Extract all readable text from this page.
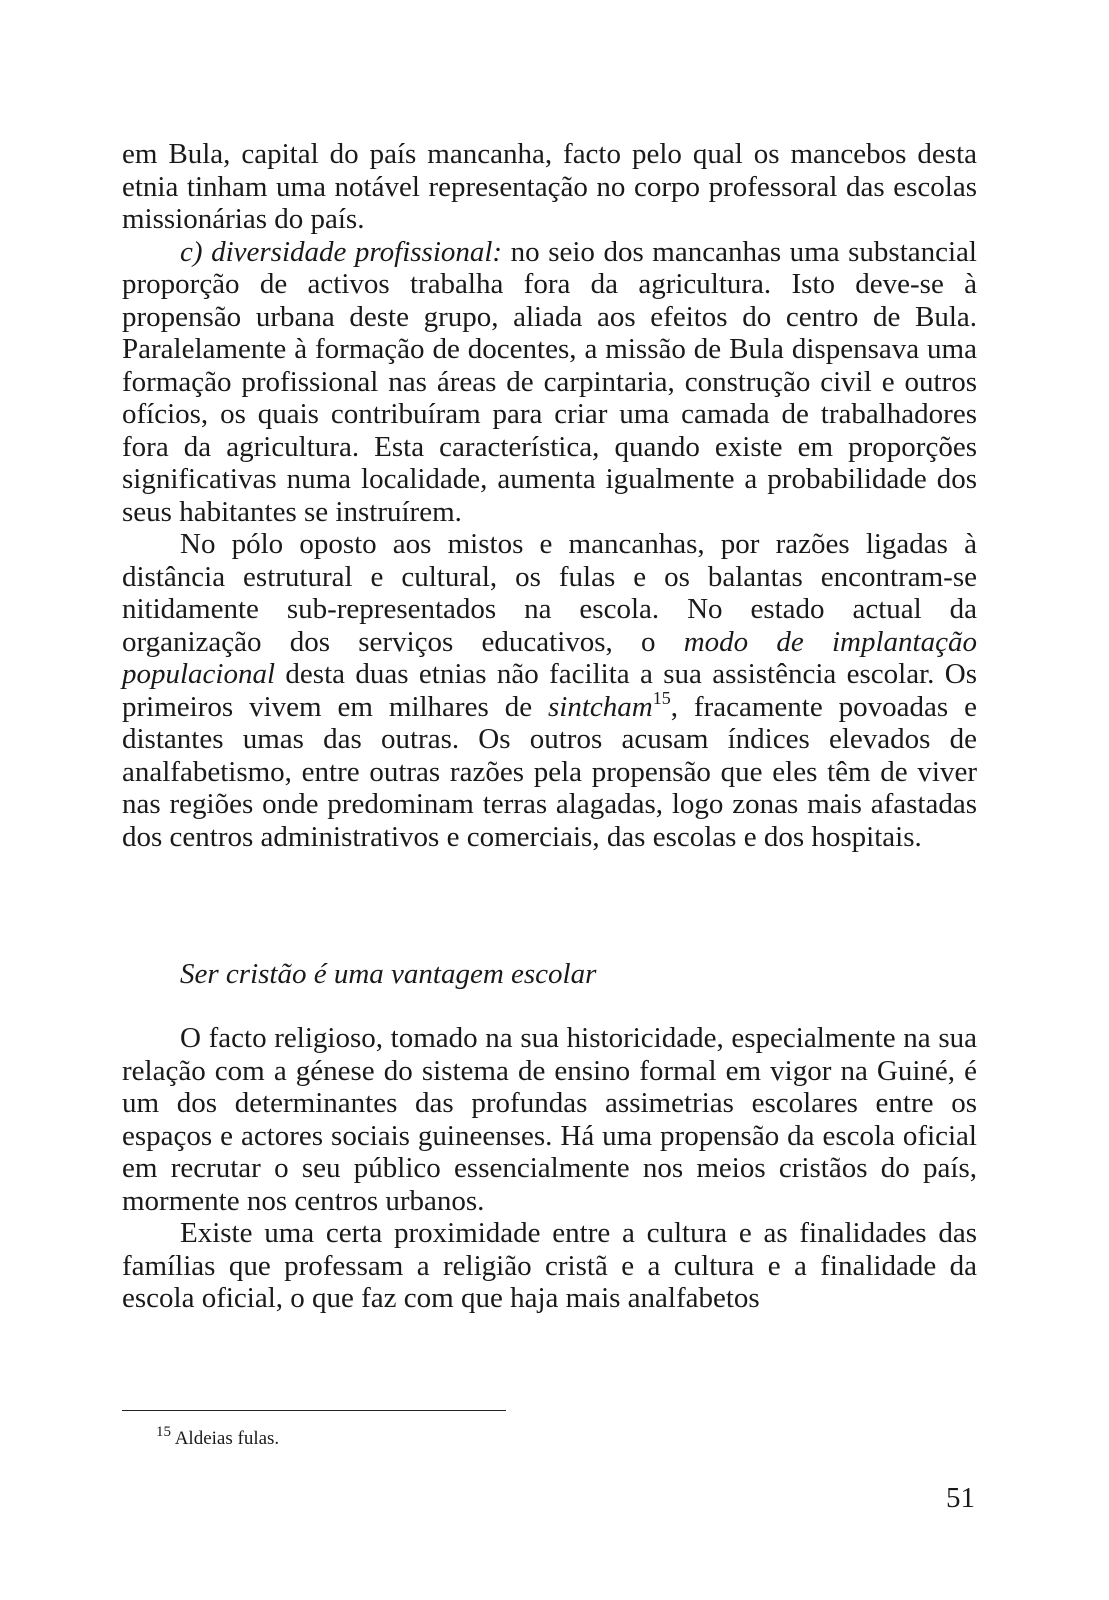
em Bula, capital do país mancanha, facto pelo qual os mancebos desta etnia tinham uma notável representação no corpo professoral das escolas missionárias do país.

c) diversidade profissional: no seio dos mancanhas uma substancial proporção de activos trabalha fora da agricultura. Isto deve-se à propensão urbana deste grupo, aliada aos efeitos do centro de Bula. Paralelamente à formação de docentes, a missão de Bula dispensava uma formação profissional nas áreas de carpintaria, construção civil e outros ofícios, os quais contribuíram para criar uma camada de trabalhadores fora da agricultura. Esta característica, quando existe em proporções significativas numa localidade, aumenta igualmente a probabilidade dos seus habitantes se instruírem.

No pólo oposto aos mistos e mancanhas, por razões ligadas à distância estrutural e cultural, os fulas e os balantas encontram-se nitidamente sub-representados na escola. No estado actual da organização dos serviços educativos, o modo de implantação populacional desta duas etnias não facilita a sua assistência escolar. Os primeiros vivem em milhares de sintcham$^{15}$, fracamente povoadas e distantes umas das outras. Os outros acusam índices elevados de analfabetismo, entre outras razões pela propensão que eles têm de viver nas regiões onde predominam terras alagadas, logo zonas mais afastadas dos centros administrativos e comerciais, das escolas e dos hospitais.

Ser cristão é uma vantagem escolar

O facto religioso, tomado na sua historicidade, especialmente na sua relação com a génese do sistema de ensino formal em vigor na Guiné, é um dos determinantes das profundas assimetrias escolares entre os espaços e actores sociais guineenses. Há uma propensão da escola oficial em recrutar o seu público essencialmente nos meios cristãos do país, mormente nos centros urbanos.

Existe uma certa proximidade entre a cultura e as finalidades das famílias que professam a religião cristã e a cultura e a finalidade da escola oficial, o que faz com que haja mais analfabetos

$^{15}$ Aldeias fulas.
51
